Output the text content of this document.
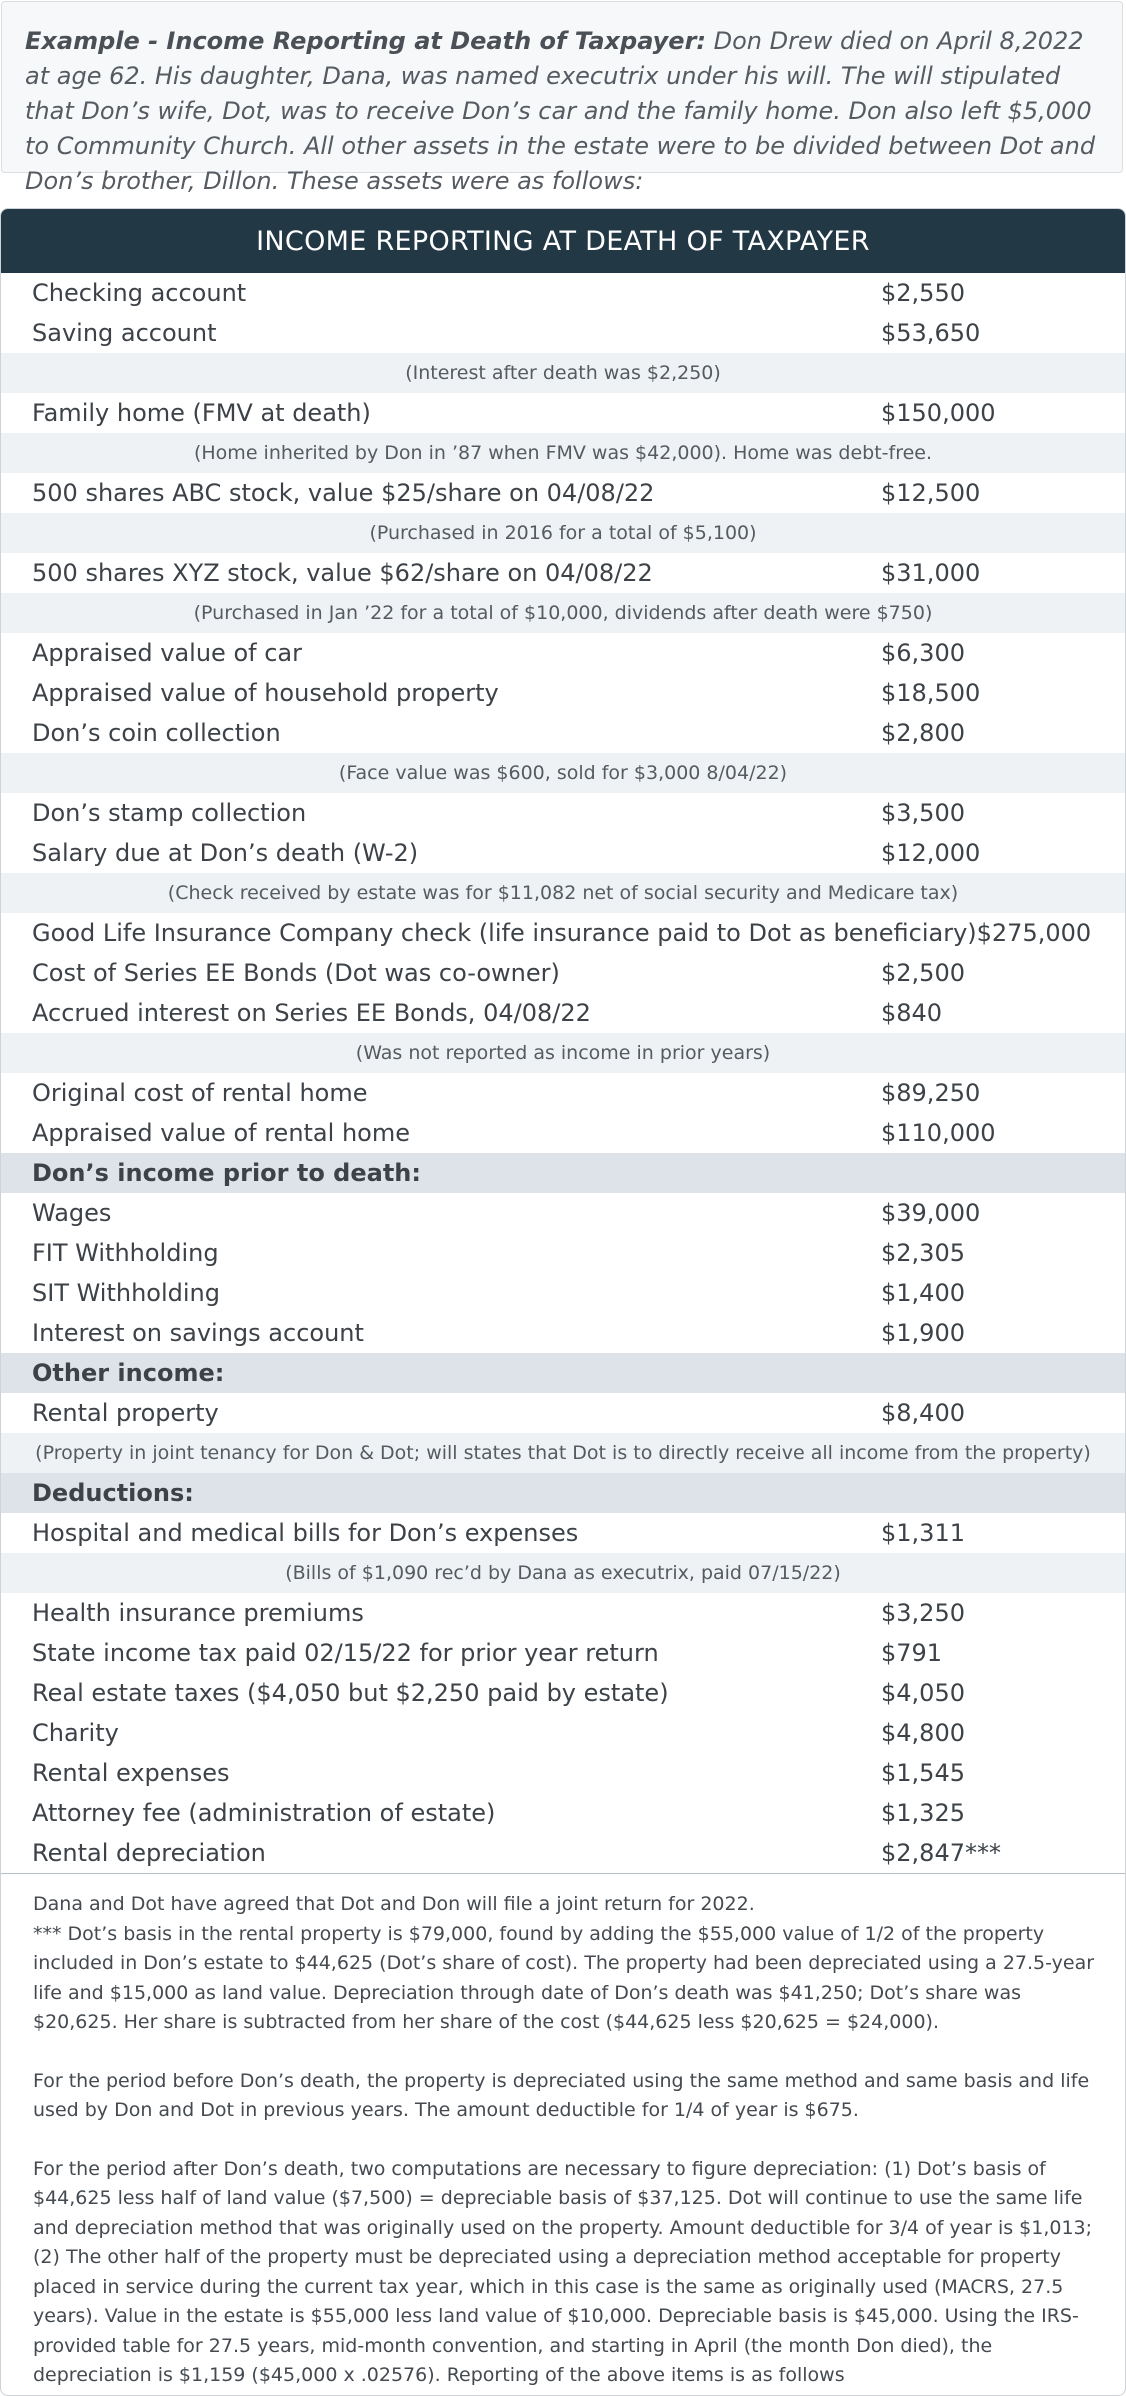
Example - Income Reporting at Death of Taxpayer: Don Drew died on April 8,2022 at age 62. His daughter, Dana, was named executrix under his will. The will stipulated that Don’s wife, Dot, was to receive Don’s car and the family home. Don also left $5,000 to Community Church. All other assets in the estate were to be divided between Dot and Don’s brother, Dillon. These assets were as follows:
INCOME REPORTING AT DEATH OF TAXPAYER
Checking account	$2,550
Saving account	$53,650
(Interest after death was $2,250)
Family home (FMV at death)	$150,000
(Home inherited by Don in ’87 when FMV was $42,000). Home was debt-free.
500 shares ABC stock, value $25/share on 04/08/22	$12,500
(Purchased in 2016 for a total of $5,100)
500 shares XYZ stock, value $62/share on 04/08/22	$31,000
(Purchased in Jan ’22 for a total of $10,000, dividends after death were $750)
Appraised value of car	$6,300
Appraised value of household property	$18,500
Don’s coin collection	$2,800
(Face value was $600, sold for $3,000 8/04/22)
Don’s stamp collection	$3,500
Salary due at Don’s death (W-2)	$12,000
(Check received by estate was for $11,082 net of social security and Medicare tax)
Good Life Insurance Company check (life insurance paid to Dot as beneficiary) $275,000
Cost of Series EE Bonds (Dot was co-owner)	$2,500
Accrued interest on Series EE Bonds, 04/08/22	$840
(Was not reported as income in prior years)
Original cost of rental home	$89,250
Appraised value of rental home	$110,000
Don’s income prior to death:
Wages	$39,000
FIT Withholding	$2,305
SIT Withholding	$1,400
Interest on savings account	$1,900
Other income:
Rental property	$8,400
(Property in joint tenancy for Don & Dot; will states that Dot is to directly receive all income from the property)
Deductions:
Hospital and medical bills for Don’s expenses	$1,311
(Bills of $1,090 rec’d by Dana as executrix, paid 07/15/22)
Health insurance premiums	$3,250
State income tax paid 02/15/22 for prior year return	$791
Real estate taxes ($4,050 but $2,250 paid by estate)	$4,050
Charity	$4,800
Rental expenses	$1,545
Attorney fee (administration of estate)	$1,325
Rental depreciation	$2,847***

Dana and Dot have agreed that Dot and Don will file a joint return for 2022.
*** Dot’s basis in the rental property is $79,000, found by adding the $55,000 value of 1/2 of the property included in Don’s estate to $44,625 (Dot’s share of cost). The property had been depreciated using a 27.5-year life and $15,000 as land value. Depreciation through date of Don’s death was $41,250; Dot’s share was $20,625. Her share is subtracted from her share of the cost ($44,625 less $20,625 = $24,000).

For the period before Don’s death, the property is depreciated using the same method and same basis and life used by Don and Dot in previous years. The amount deductible for 1/4 of year is $675.

For the period after Don’s death, two computations are necessary to figure depreciation: (1) Dot’s basis of $44,625 less half of land value ($7,500) = depreciable basis of $37,125. Dot will continue to use the same life and depreciation method that was originally used on the property. Amount deductible for 3/4 of year is $1,013; (2) The other half of the property must be depreciated using a depreciation method acceptable for property placed in service during the current tax year, which in this case is the same as originally used (MACRS, 27.5 years). Value in the estate is $55,000 less land value of $10,000. Depreciable basis is $45,000. Using the IRS-provided table for 27.5 years, mid-month convention, and starting in April (the month Don died), the depreciation is $1,159 ($45,000 x .02576). Reporting of the above items is as follows
